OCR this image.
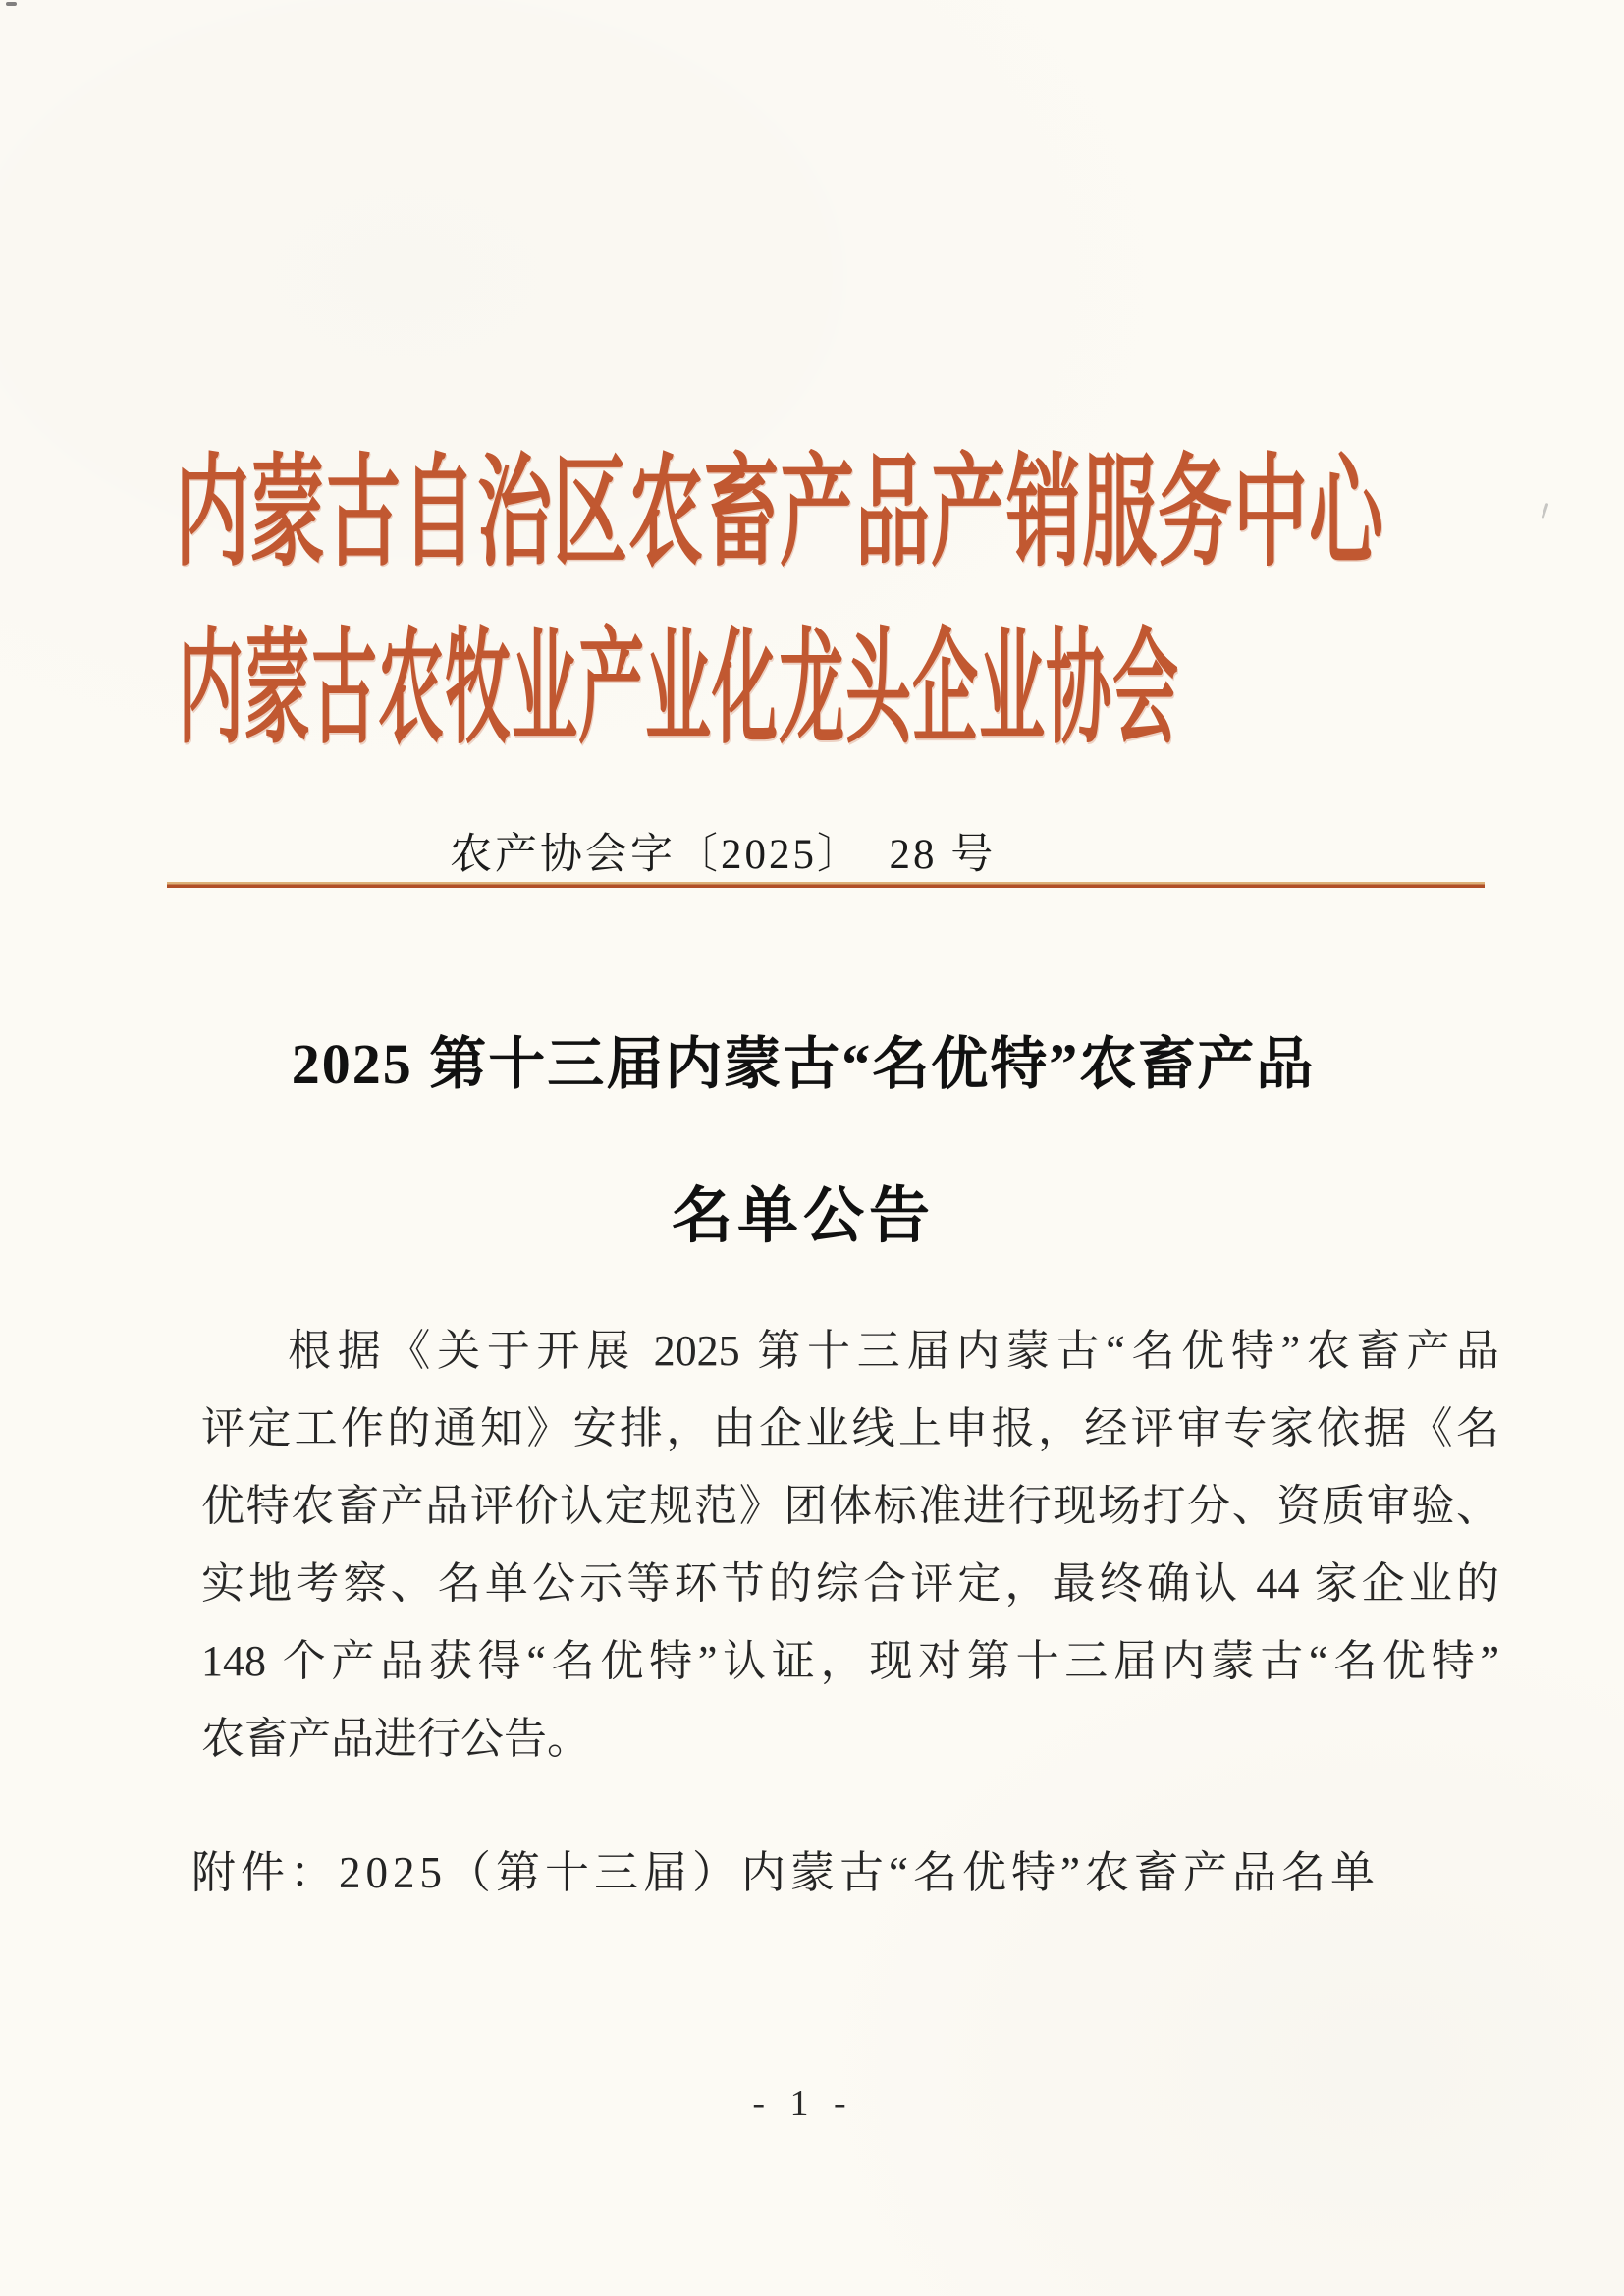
内蒙古自治区农畜产品产销服务中心
内蒙古农牧业产业化龙头企业协会
农产协会字〔2025〕  28 号
2025 第十三届内蒙古“名优特”农畜产品
名单公告
根据《关于开展 2025 第十三届内蒙古“名优特”农畜产品
评定工作的通知》安排，由企业线上申报，经评审专家依据《名
优特农畜产品评价认定规范》团体标准进行现场打分、资质审验、
实地考察、名单公示等环节的综合评定，最终确认 44 家企业的
148 个产品获得“名优特”认证，现对第十三届内蒙古“名优特”
农畜产品进行公告。
附件：2025（第十三届）内蒙古“名优特”农畜产品名单
- 1 -
